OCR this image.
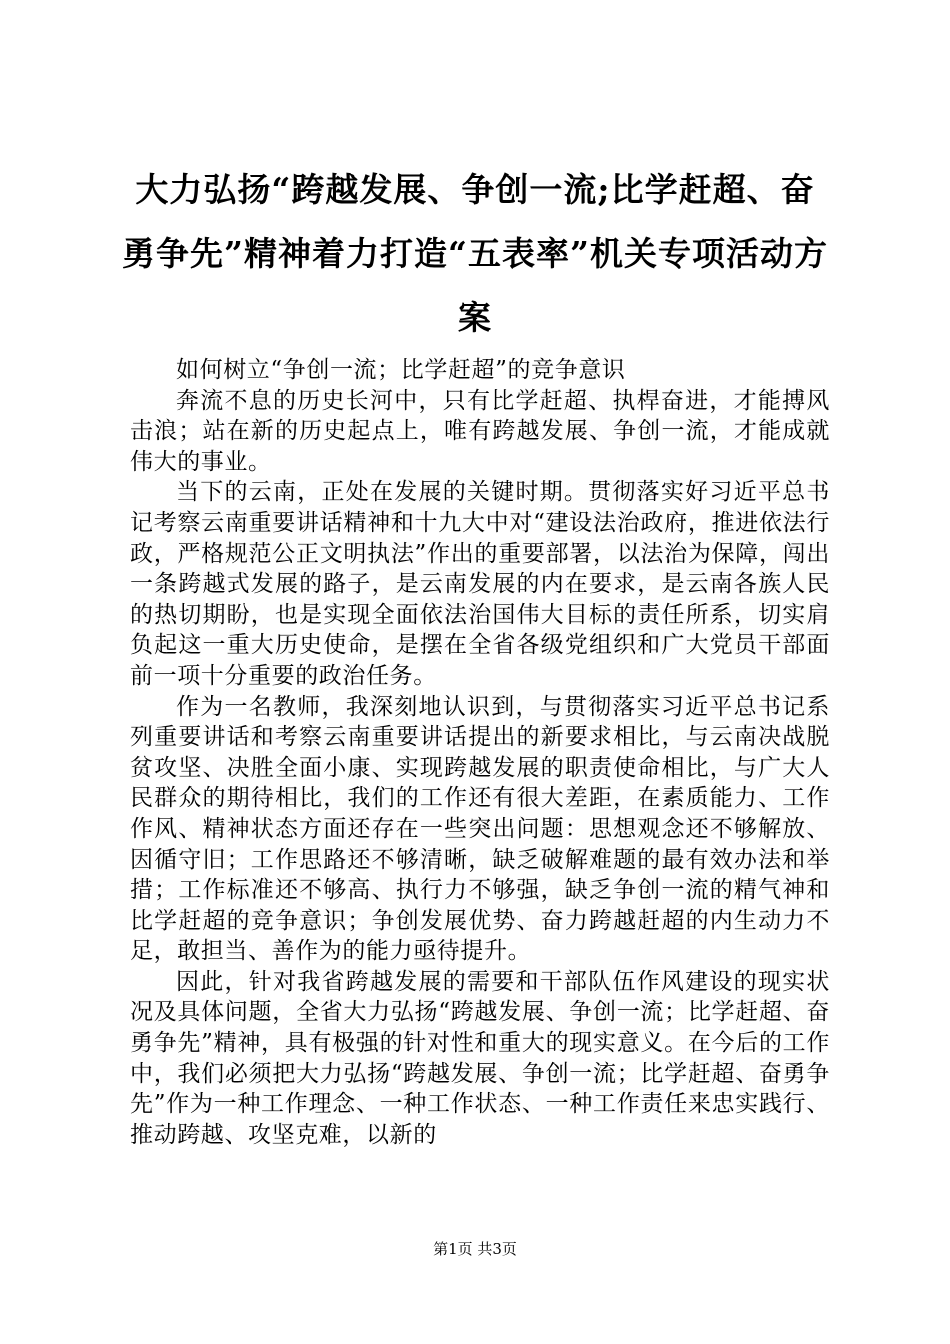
大力弘扬“跨越发展、争创一流;比学赶超、奋勇争先”精神着力打造“五表率”机关专项活动方案

如何树立“争创一流；比学赶超”的竞争意识

奔流不息的历史长河中，只有比学赶超、执桿奋进，才能搏风击浪；站在新的历史起点上，唯有跨越发展、争创一流，才能成就伟大的事业。

当下的云南，正处在发展的关键时期。贯彻落实好习近平总书记考察云南重要讲话精神和十九大中对“建设法治政府，推进依法行政，严格规范公正文明执法”作出的重要部署，以法治为保障，闯出一条跨越式发展的路子，是云南发展的内在要求，是云南各族人民的热切期盼，也是实现全面依法治国伟大目标的责任所系，切实肩负起这一重大历史使命，是摆在全省各级党组织和广大党员干部面前一项十分重要的政治任务。

作为一名教师，我深刻地认识到，与贯彻落实习近平总书记系列重要讲话和考察云南重要讲话提出的新要求相比，与云南决战脱贫攻坚、决胜全面小康、实现跨越发展的职责使命相比，与广大人民群众的期待相比，我们的工作还有很大差距，在素质能力、工作作风、精神状态方面还存在一些突出问题：思想观念还不够解放、因循守旧；工作思路还不够清晰，缺乏破解难题的最有效办法和举措；工作标准还不够高、执行力不够强，缺乏争创一流的精气神和比学赶超的竞争意识；争创发展优势、奋力跨越赶超的内生动力不足，敢担当、善作为的能力亟待提升。

因此，针对我省跨越发展的需要和干部队伍作风建设的现实状况及具体问题，全省大力弘扬“跨越发展、争创一流；比学赶超、奋勇争先”精神，具有极强的针对性和重大的现实意义。在今后的工作中，我们必须把大力弘扬“跨越发展、争创一流；比学赶超、奋勇争先”作为一种工作理念、一种工作状态、一种工作责任来忠实践行、推动跨越、攻坚克难，以新的

第1页 共3页
